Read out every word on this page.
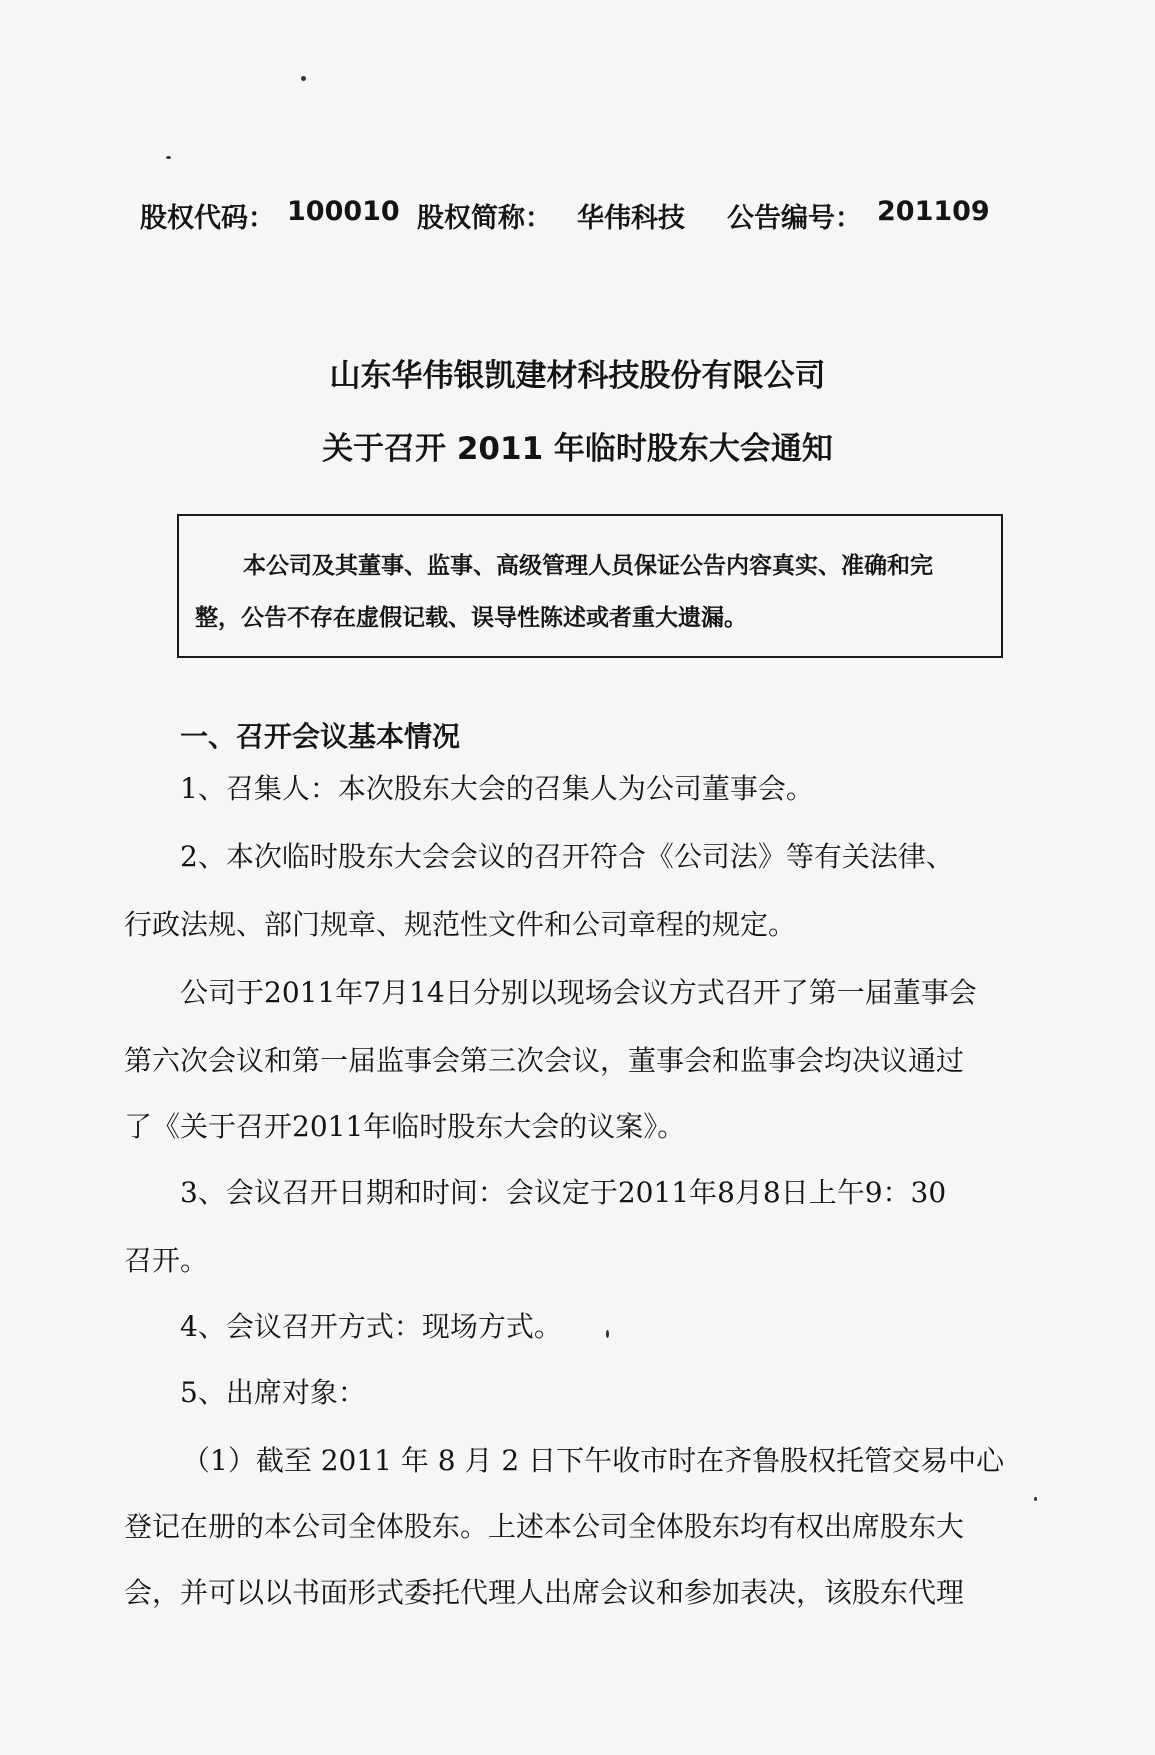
股权代码： 100010 股权简称： 华伟科技 公告编号： 201109
山东华伟银凯建材科技股份有限公司
关于召开 2011 年临时股东大会通知
本公司及其董事、监事、高级管理人员保证公告内容真实、准确和完
整，公告不存在虚假记载、误导性陈述或者重大遗漏。
一、召开会议基本情况
1、召集人：本次股东大会的召集人为公司董事会。
2、本次临时股东大会会议的召开符合《公司法》等有关法律、
行政法规、部门规章、规范性文件和公司章程的规定。
公司于2011年7月14日分别以现场会议方式召开了第一届董事会
第六次会议和第一届监事会第三次会议，董事会和监事会均决议通过
了《关于召开2011年临时股东大会的议案》。
3、会议召开日期和时间：会议定于2011年8月8日上午9：30
召开。
4、会议召开方式：现场方式。
5、出席对象：
（1）截至 2011 年 8 月 2 日下午收市时在齐鲁股权托管交易中心
登记在册的本公司全体股东。上述本公司全体股东均有权出席股东大
会，并可以以书面形式委托代理人出席会议和参加表决，该股东代理
